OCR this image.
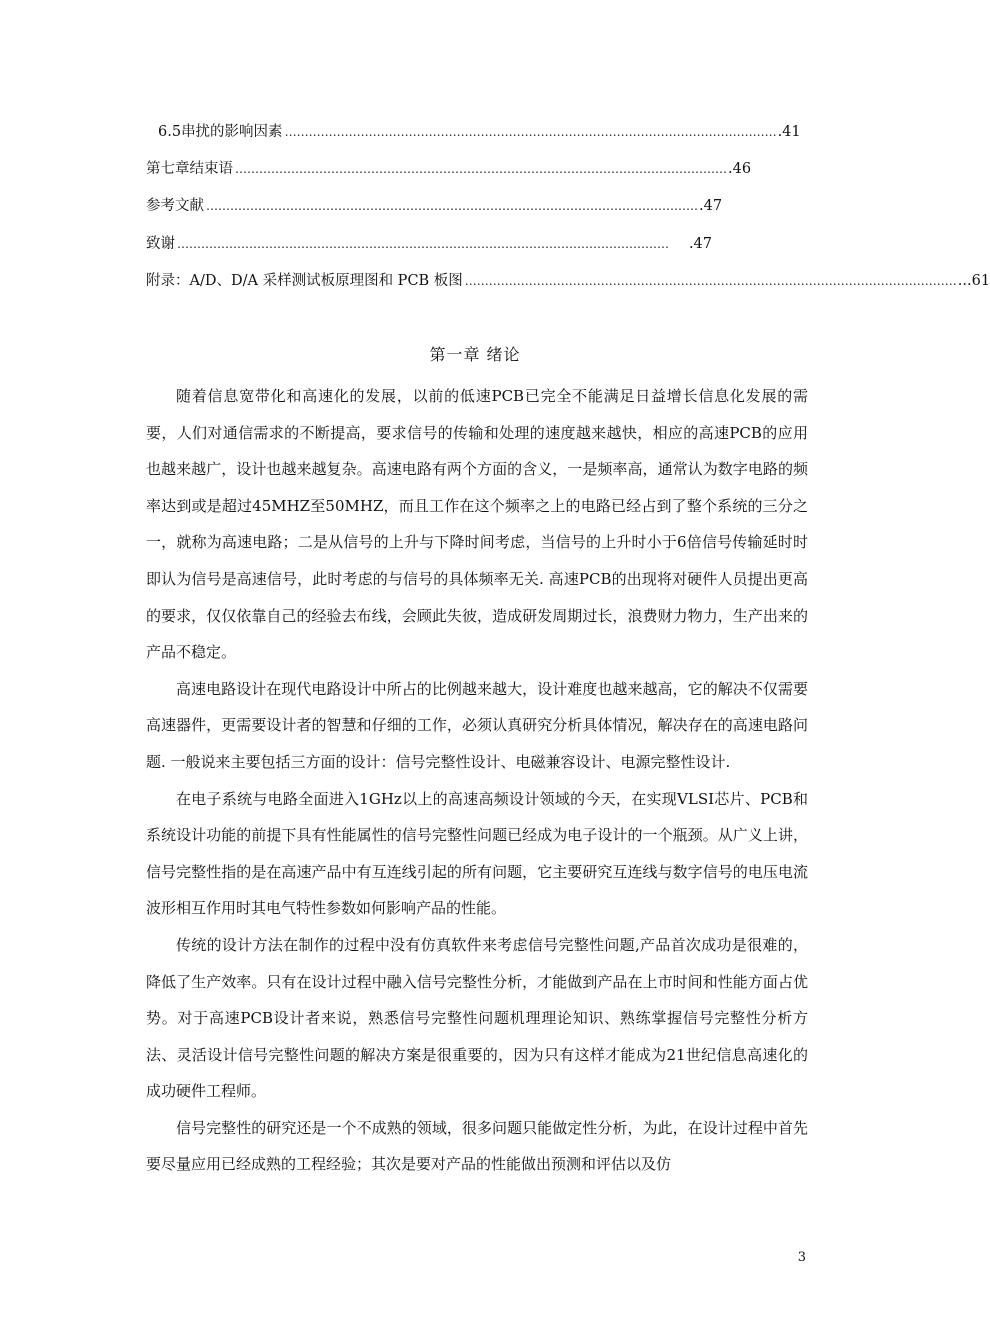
6.5 串扰的影响因素 …………………………………………………………………………………………………………… .41
第七章 结束语 …………………………………………………………………………………………………………… .46
参考文献 …………………………………………………………………………………………………………… .47
致谢 ……………………………………………………………………………………………………………	.47
附录：A/D、D/A 采样测试板原理图和 PCB 板图 …………………………………………………………………………………………………………… ...61
第一章 绪论

随着信息宽带化和高速化的发展，以前的低速PCB已完全不能满足日益增长信息化发展的需要，人们对通信需求的不断提高，要求信号的传输和处理的速度越来越快，相应的高速PCB的应用也越来越广，设计也越来越复杂。高速电路有两个方面的含义，一是频率高，通常认为数字电路的频率达到或是超过45MHZ至50MHZ，而且工作在这个频率之上的电路已经占到了整个系统的三分之一，就称为高速电路；二是从信号的上升与下降时间考虑，当信号的上升时小于6倍信号传输延时时即认为信号是高速信号，此时考虑的与信号的具体频率无关. 高速PCB的出现将对硬件人员提出更高的要求，仅仅依靠自己的经验去布线，会顾此失彼，造成研发周期过长，浪费财力物力，生产出来的产品不稳定。

高速电路设计在现代电路设计中所占的比例越来越大，设计难度也越来越高，它的解决不仅需要高速器件，更需要设计者的智慧和仔细的工作，必须认真研究分析具体情况，解决存在的高速电路问题. 一般说来主要包括三方面的设计：信号完整性设计、电磁兼容设计、电源完整性设计.

在电子系统与电路全面进入1GHz以上的高速高频设计领域的今天，在实现VLSI芯片、PCB和系统设计功能的前提下具有性能属性的信号完整性问题已经成为电子设计的一个瓶颈。从广义上讲，信号完整性指的是在高速产品中有互连线引起的所有问题，它主要研究互连线与数字信号的电压电流波形相互作用时其电气特性参数如何影响产品的性能。

传统的设计方法在制作的过程中没有仿真软件来考虑信号完整性问题,产品首次成功是很难的，降低了生产效率。只有在设计过程中融入信号完整性分析，才能做到产品在上市时间和性能方面占优势。对于高速PCB设计者来说，熟悉信号完整性问题机理理论知识、熟练掌握信号完整性分析方法、灵活设计信号完整性问题的解决方案是很重要的，因为只有这样才能成为21世纪信息高速化的成功硬件工程师。

信号完整性的研究还是一个不成熟的领域，很多问题只能做定性分析，为此，在设计过程中首先要尽量应用已经成熟的工程经验；其次是要对产品的性能做出预测和评估以及仿

3
